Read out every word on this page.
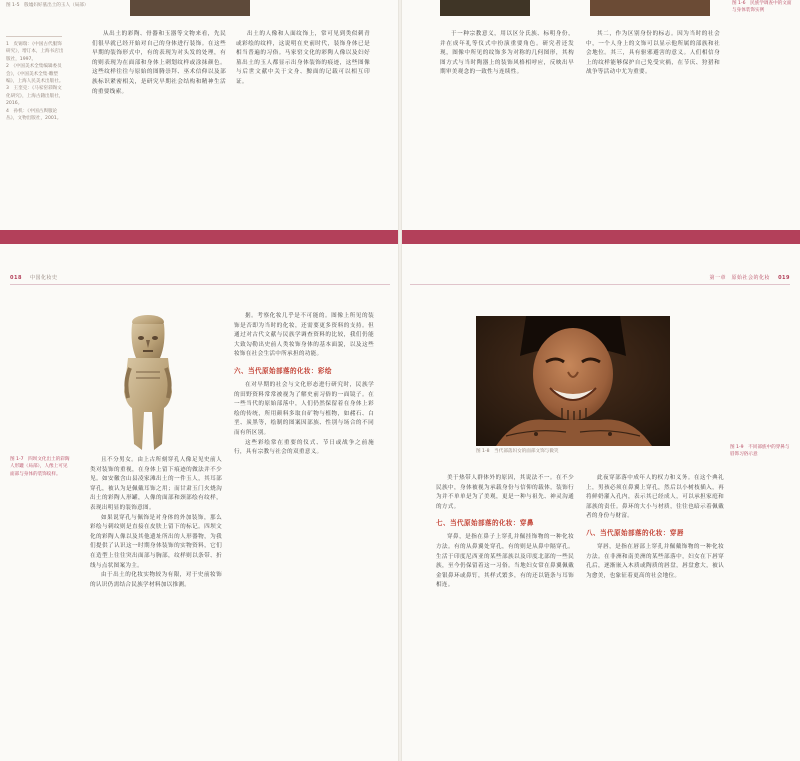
图 1-5　殷墟妇好墓出土的玉人（局部）
1　皮锡瑞：《中国古代服饰研究》，增订本，上海书店出版社，1997。
2　《中国美术全集编辑委员会》，《中国美术全集·雕塑编》，上海人民美术出版社。
3　王奎克：《马家窑彩陶文化研究》，上海古籍出版社，2016。
4　孙机：《中国古舆服论丛》，文物出版社，2001。

从出土的彩陶、骨器和玉器等文物来看，先民们很早就已经开始对自己的身体进行装饰。在这些早期的装饰形式中，有的表现为对头发的处理，有的则表现为在面部和身体上刺划纹样或涂抹颜色。这些纹样往往与原始的图腾崇拜、巫术信仰以及部族标识紧密相关，是研究早期社会结构和精神生活的重要线索。

出土的人像和人面纹饰上，常可见到类似刺青或彩绘的纹样，这说明在史前时代，装饰身体已是相当普遍的习俗。马家窑文化的彩陶人像以及妇好墓出土的玉人都显示出身体装饰的痕迹，这些图像与后世文献中关于文身、黥面的记载可以相互印证。

图 1-6　民族学调查中的文面与身体装饰实例

于一种宗教意义，用以区分氏族、标明身份，并在成年礼等仪式中扮演重要角色。研究者还发现，图像中所见的纹饰多为对称的几何图形，其构图方式与当时陶器上的装饰风格相呼应，反映出早期审美观念的一致性与连续性。

其二，作为区别身份的标志。因为当时的社会中，一个人身上的文饰可以显示他所属的部族和社会地位。其三，具有驱邪避害的意义。人们相信身上的纹样能够保护自己免受灾祸，在节庆、狩猎和战争等活动中尤为重要。

018 中国化妆史
图 1-7　四坝文化出土的彩陶人形罐（局部），人像上可见面部与身体的装饰纹样。

且不分男女。由上古所刻穿孔人像足见史前人类对装饰的重视，在身体上留下痕迹的做法并不少见。如安徽含山县凌家滩出土的一件玉人，其耳部穿孔，被认为是佩戴耳饰之用；而甘肃玉门火烧沟出土的彩陶人形罐，人像的面部和颈部绘有纹样，表现出明显的装饰意图。

如果说穿孔与佩饰是对身体的外加装饰，那么彩绘与刺纹则是直接在皮肤上留下的标记。四坝文化的彩陶人像以及其他遗址所出的人形器物，为我们提供了认识这一时期身体装饰的实物资料，它们在造型上往往突出面部与胸部，纹样则以条带、折线与点状图案为主。

由于出土的化妆实物较为有限，对于史前妆饰的认识仍需结合民族学材料加以推测。

据。考察化妆几乎是不可能的。图像上所见的装饰是否即为当时的化妆，还需要更多资料的支持。但通过对古代文献与民族学调查资料的比较，我们仍能大致勾勒出史前人类妆饰身体的基本面貌，以及这些妆饰在社会生活中所承担的功能。

六、当代原始部落的化妆：彩绘

在对早期的社会与文化形态进行研究时，民族学的田野资料常常被视为了解史前习俗的一面镜子。在一些当代的原始部落中，人们仍然保留着在身体上彩绘的传统，所用颜料多取自矿物与植物，如赭石、白垩、炭黑等，绘制的图案因部族、性别与场合的不同而有所区别。

这些彩绘常在重要的仪式、节日或战争之前施行，具有宗教与社会的双重意义。

第一章　原始社会的化妆 019
图 1-9　不同部族中的穿鼻与唇饰习俗示意

美于热带人群体外的原因，其说法不一。在不少民族中，身体被视为承载身份与信仰的载体，装饰行为并不单单是为了美观，更是一种与祖先、神灵沟通的方式。

七、当代原始部落的化妆：穿鼻

穿鼻，是指在鼻子上穿孔并佩挂饰物的一种化妆方法。有的从鼻翼处穿孔，有的则是从鼻中隔穿孔。生活于印度尼西亚的某些部族以及印度北部的一些民族，至今仍保留着这一习俗。当地妇女常在鼻翼佩戴金银鼻环或鼻钉，其样式繁多，有的还以链条与耳饰相连。

此夜穿部落中成年人的权力和义务。在这个典礼上，男孩必须在鼻翼上穿孔，然后以小树枝插入，再将鲜奶灌入孔内，表示其已经成人，可以承担家庭和部族的责任。鼻环的大小与材质，往往也暗示着佩戴者的身份与财富。

八、当代原始部落的化妆：穿唇

穿唇，是指在唇部上穿孔并佩戴饰物的一种化妆方法。在非洲和南美洲的某些部落中，妇女在下唇穿孔后，逐渐嵌入木质或陶质的唇盘，唇盘愈大，被认为愈美，也象征着更高的社会地位。

图 1-8　当代部落妇女的面部文饰与微笑
